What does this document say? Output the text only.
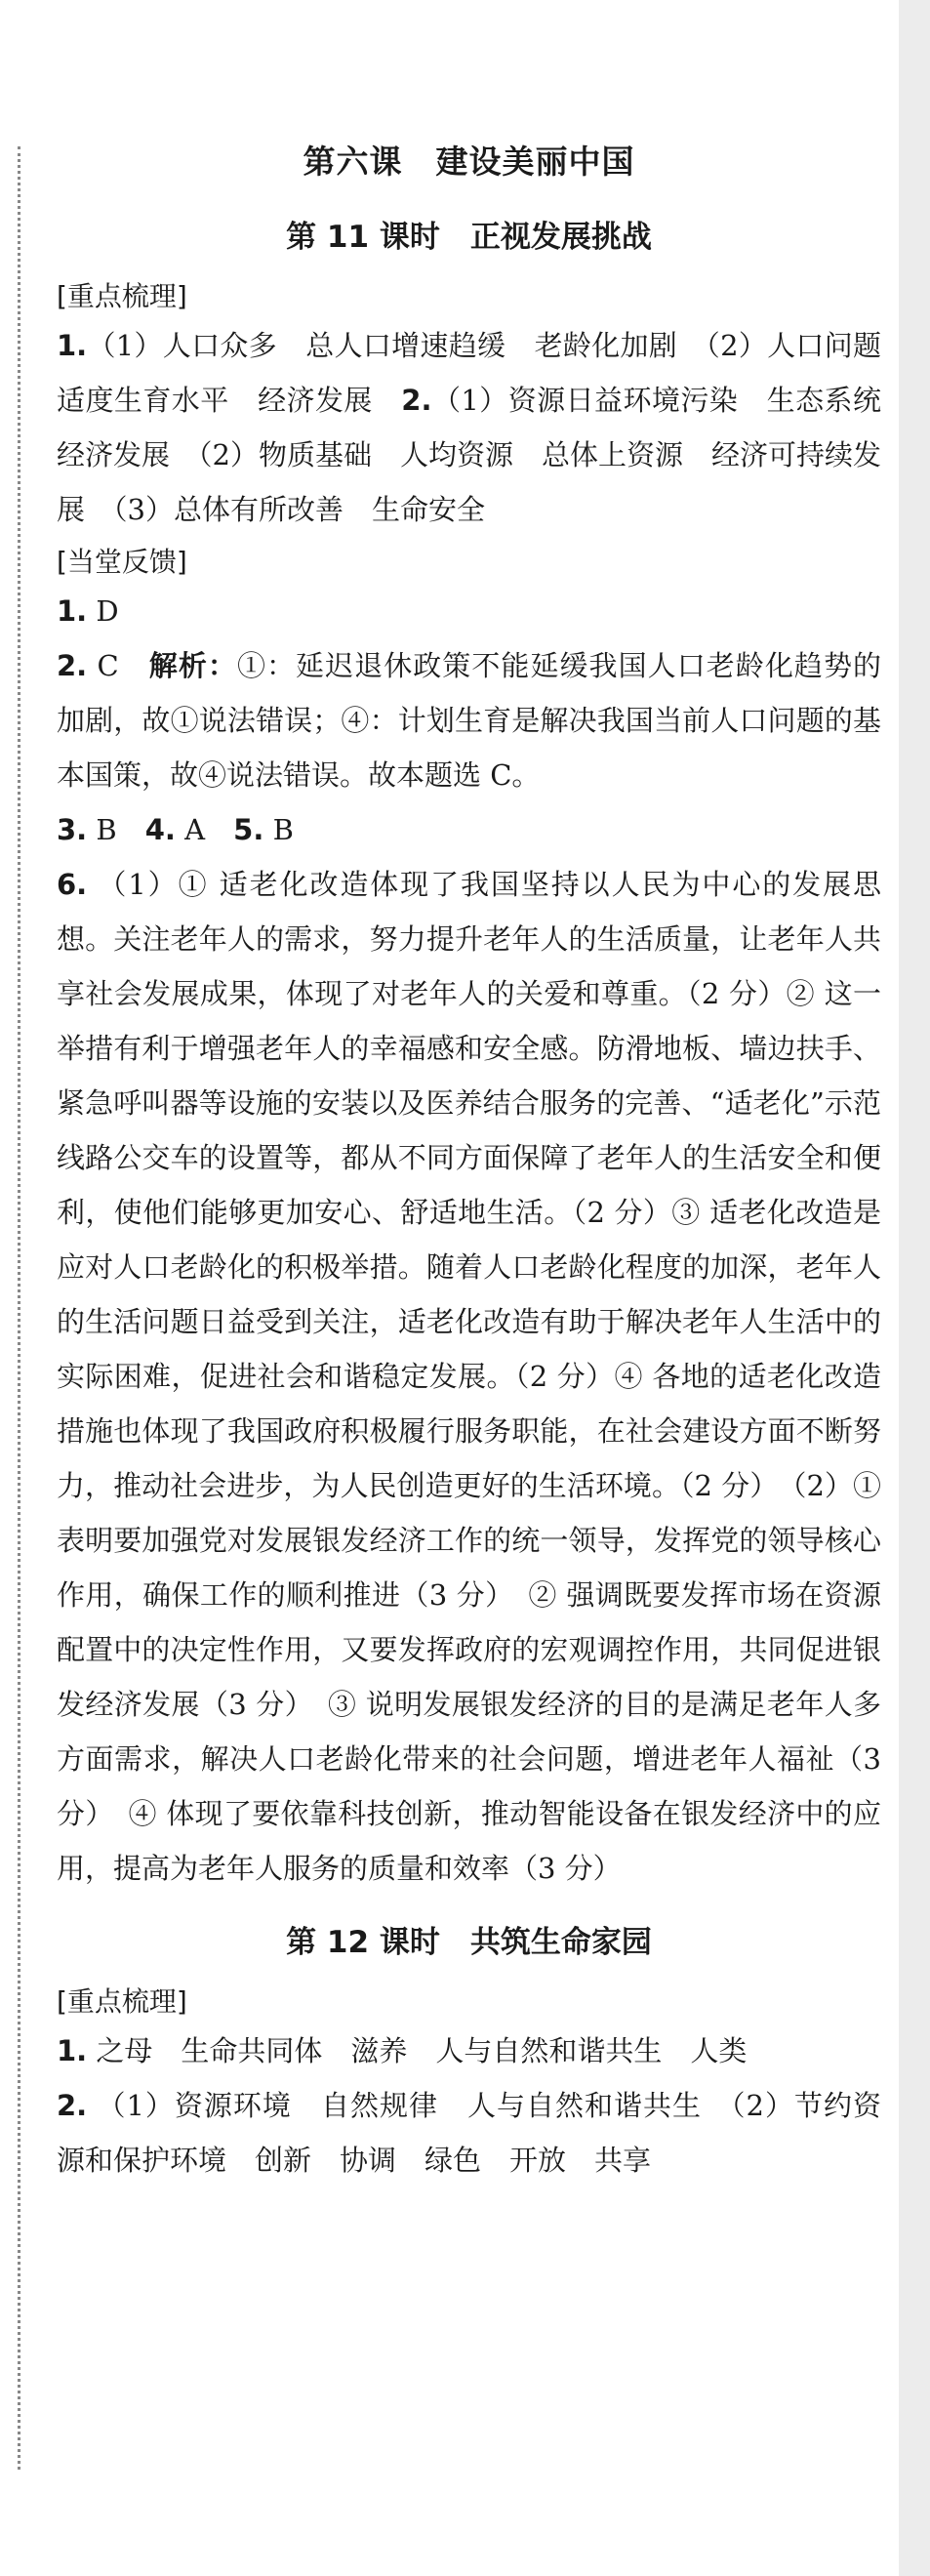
第六课　建设美丽中国
第 11 课时　正视发展挑战
[重点梳理]

1.（1）人口众多　总人口增速趋缓　老龄化加剧　（2）人口问题　适度生育水平　经济发展　 2.（1）资源日益环境污染　生态系统　经济发展　（2）物质基础　人均资源　总体上资源　经济可持续发展　（3）总体有所改善　生命安全

[当堂反馈]

1. D

2. C　 解析：①：延迟退休政策不能延缓我国人口老龄化趋势的加剧，故①说法错误；④：计划生育是解决我国当前人口问题的基本国策，故④说法错误。故本题选 C。

3. B　 4. A　 5. B

6. （1）① 适老化改造体现了我国坚持以人民为中心的发展思想。关注老年人的需求，努力提升老年人的生活质量，让老年人共享社会发展成果，体现了对老年人的关爱和尊重。（2 分）② 这一举措有利于增强老年人的幸福感和安全感。防滑地板、墙边扶手、紧急呼叫器等设施的安装以及医养结合服务的完善、“适老化”示范线路公交车的设置等，都从不同方面保障了老年人的生活安全和便利，使他们能够更加安心、舒适地生活。（2 分）③ 适老化改造是应对人口老龄化的积极举措。随着人口老龄化程度的加深，老年人的生活问题日益受到关注，适老化改造有助于解决老年人生活中的实际困难，促进社会和谐稳定发展。（2 分）④ 各地的适老化改造措施也体现了我国政府积极履行服务职能，在社会建设方面不断努力，推动社会进步，为人民创造更好的生活环境。（2 分）　（2）① 表明要加强党对发展银发经济工作的统一领导，发挥党的领导核心作用，确保工作的顺利推进（3 分）　② 强调既要发挥市场在资源配置中的决定性作用，又要发挥政府的宏观调控作用，共同促进银发经济发展（3 分）　③ 说明发展银发经济的目的是满足老年人多方面需求，解决人口老龄化带来的社会问题，增进老年人福祉（3 分）　④ 体现了要依靠科技创新，推动智能设备在银发经济中的应用，提高为老年人服务的质量和效率（3 分）

第 12 课时　共筑生命家园
[重点梳理]

1. 之母　生命共同体　滋养　人与自然和谐共生　人类

2. （1）资源环境　自然规律　人与自然和谐共生　（2）节约资源和保护环境　创新　协调　绿色　开放　共享
